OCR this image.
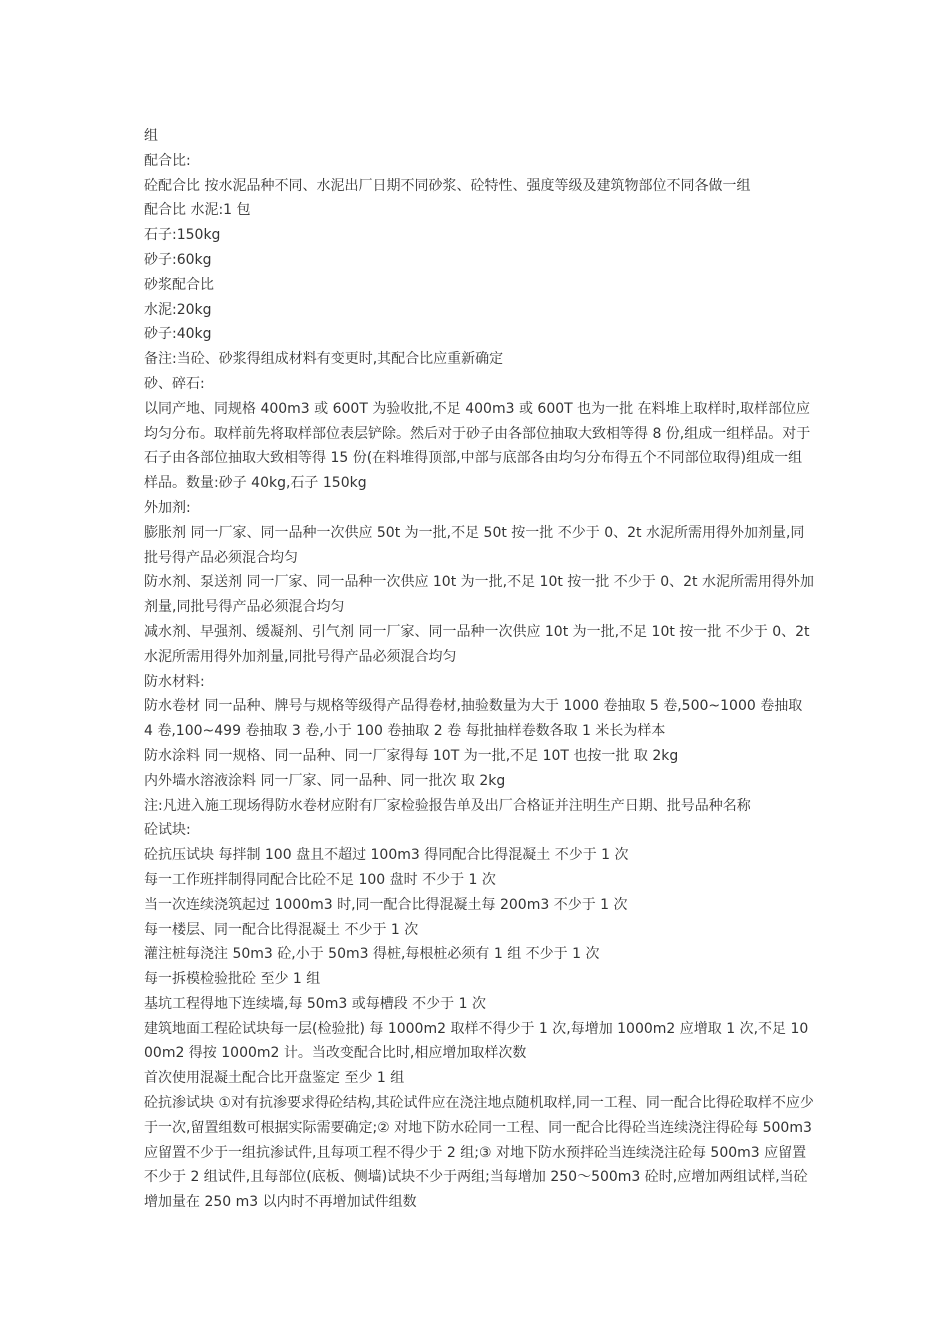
组

配合比:

砼配合比 按水泥品种不同、水泥出厂日期不同砂浆、砼特性、强度等级及建筑物部位不同各做一组

配合比 水泥:1 包

石子:150kg

砂子:60kg

砂浆配合比

水泥:20kg

砂子:40kg

备注:当砼、砂浆得组成材料有变更时,其配合比应重新确定

砂、碎石:

以同产地、同规格 400m3 或 600T 为验收批,不足 400m3 或 600T 也为一批 在料堆上取样时,取样部位应均匀分布。取样前先将取样部位表层铲除。然后对于砂子由各部位抽取大致相等得 8 份,组成一组样品。对于石子由各部位抽取大致相等得 15 份(在料堆得顶部,中部与底部各由均匀分布得五个不同部位取得)组成一组样品。数量:砂子 40kg,石子 150kg

外加剂:

膨胀剂 同一厂家、同一品种一次供应 50t 为一批,不足 50t 按一批 不少于 0、2t 水泥所需用得外加剂量,同批号得产品必须混合均匀

防水剂、泵送剂 同一厂家、同一品种一次供应 10t 为一批,不足 10t 按一批 不少于 0、2t 水泥所需用得外加剂量,同批号得产品必须混合均匀

减水剂、早强剂、缓凝剂、引气剂 同一厂家、同一品种一次供应 10t 为一批,不足 10t 按一批 不少于 0、2t 水泥所需用得外加剂量,同批号得产品必须混合均匀

防水材料:

防水卷材 同一品种、牌号与规格等级得产品得卷材,抽验数量为大于 1000 卷抽取 5 卷,500~1000 卷抽取 4 卷,100~499 卷抽取 3 卷,小于 100 卷抽取 2 卷 每批抽样卷数各取 1 米长为样本

防水涂料 同一规格、同一品种、同一厂家得每 10T 为一批,不足 10T 也按一批 取 2kg

内外墙水溶液涂料 同一厂家、同一品种、同一批次 取 2kg

注:凡进入施工现场得防水卷材应附有厂家检验报告单及出厂合格证并注明生产日期、批号品种名称

砼试块:

砼抗压试块 每拌制 100 盘且不超过 100m3 得同配合比得混凝土 不少于 1 次

每一工作班拌制得同配合比砼不足 100 盘时 不少于 1 次

当一次连续浇筑起过 1000m3 时,同一配合比得混凝土每 200m3 不少于 1 次

每一楼层、同一配合比得混凝土 不少于 1 次

灌注桩每浇注 50m3 砼,小于 50m3 得桩,每根桩必须有 1 组 不少于 1 次

每一拆模检验批砼 至少 1 组

基坑工程得地下连续墙,每 50m3 或每槽段 不少于 1 次

建筑地面工程砼试块每一层(检验批) 每 1000m2 取样不得少于 1 次,每增加 1000m2 应增取 1 次,不足 1000m2 得按 1000m2 计。当改变配合比时,相应增加取样次数

首次使用混凝土配合比开盘鉴定 至少 1 组

砼抗渗试块 ①对有抗渗要求得砼结构,其砼试件应在浇注地点随机取样,同一工程、同一配合比得砼取样不应少于一次,留置组数可根据实际需要确定;② 对地下防水砼同一工程、同一配合比得砼当连续浇注得砼每 500m3 应留置不少于一组抗渗试件,且每项工程不得少于 2 组;③ 对地下防水预拌砼当连续浇注砼每 500m3 应留置不少于 2 组试件,且每部位(底板、侧墙)试块不少于两组;当每增加 250～500m3 砼时,应增加两组试样,当砼增加量在 250 m3 以内时不再增加试件组数
